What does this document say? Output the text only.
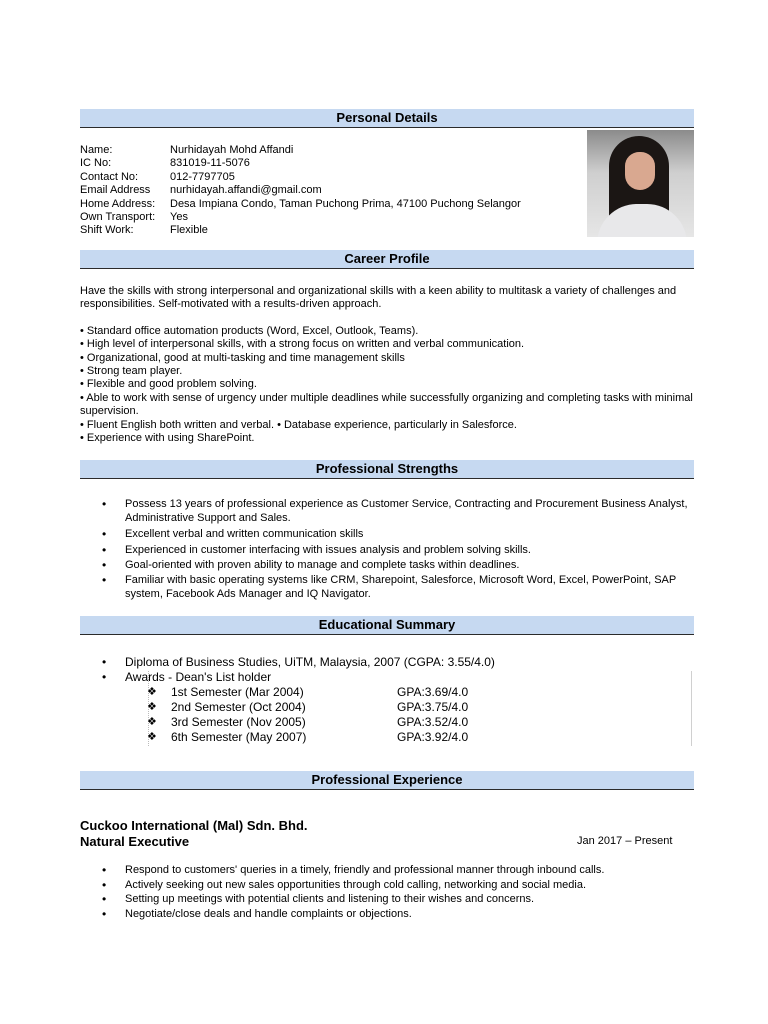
Personal Details
Name:	Nurhidayah Mohd Affandi
IC No:	831019-11-5076
Contact No:	012-7797705
Email Address	nurhidayah.affandi@gmail.com
Home Address:	Desa Impiana Condo, Taman Puchong Prima, 47100 Puchong Selangor
Own Transport:	Yes
Shift Work:	Flexible
Career Profile

Have the skills with strong interpersonal and organizational skills with a keen ability to multitask a variety of challenges and responsibilities. Self-motivated with a results-driven approach.

• Standard office automation products (Word, Excel, Outlook, Teams).

• High level of interpersonal skills, with a strong focus on written and verbal communication.

• Organizational, good at multi-tasking and time management skills

• Strong team player.

• Flexible and good problem solving.

• Able to work with sense of urgency under multiple deadlines while successfully organizing and completing tasks with minimal supervision.

• Fluent English both written and verbal. • Database experience, particularly in Salesforce.

• Experience with using SharePoint.

Professional Strengths
• Possess 13 years of professional experience as Customer Service, Contracting and Procurement Business Analyst, Administrative Support and Sales.
• Excellent verbal and written communication skills
• Experienced in customer interfacing with issues analysis and problem solving skills.
• Goal-oriented with proven ability to manage and complete tasks within deadlines.
• Familiar with basic operating systems like CRM, Sharepoint, Salesforce, Microsoft Word, Excel, PowerPoint, SAP system, Facebook Ads Manager and IQ Navigator.
Educational Summary
• Diploma of Business Studies, UiTM, Malaysia, 2007 (CGPA: 3.55/4.0)
• Awards - Dean's List holder
❖ 1st Semester (Mar 2004)	GPA:3.69/4.0
❖ 2nd Semester (Oct 2004)	GPA:3.75/4.0
❖ 3rd Semester (Nov 2005)	GPA:3.52/4.0
❖ 6th Semester (May 2007)	GPA:3.92/4.0
Professional Experience
Cuckoo International (Mal) Sdn. Bhd.
Natural Executive	Jan 2017 – Present
• Respond to customers' queries in a timely, friendly and professional manner through inbound calls.
• Actively seeking out new sales opportunities through cold calling, networking and social media.
• Setting up meetings with potential clients and listening to their wishes and concerns.
• Negotiate/close deals and handle complaints or objections.
